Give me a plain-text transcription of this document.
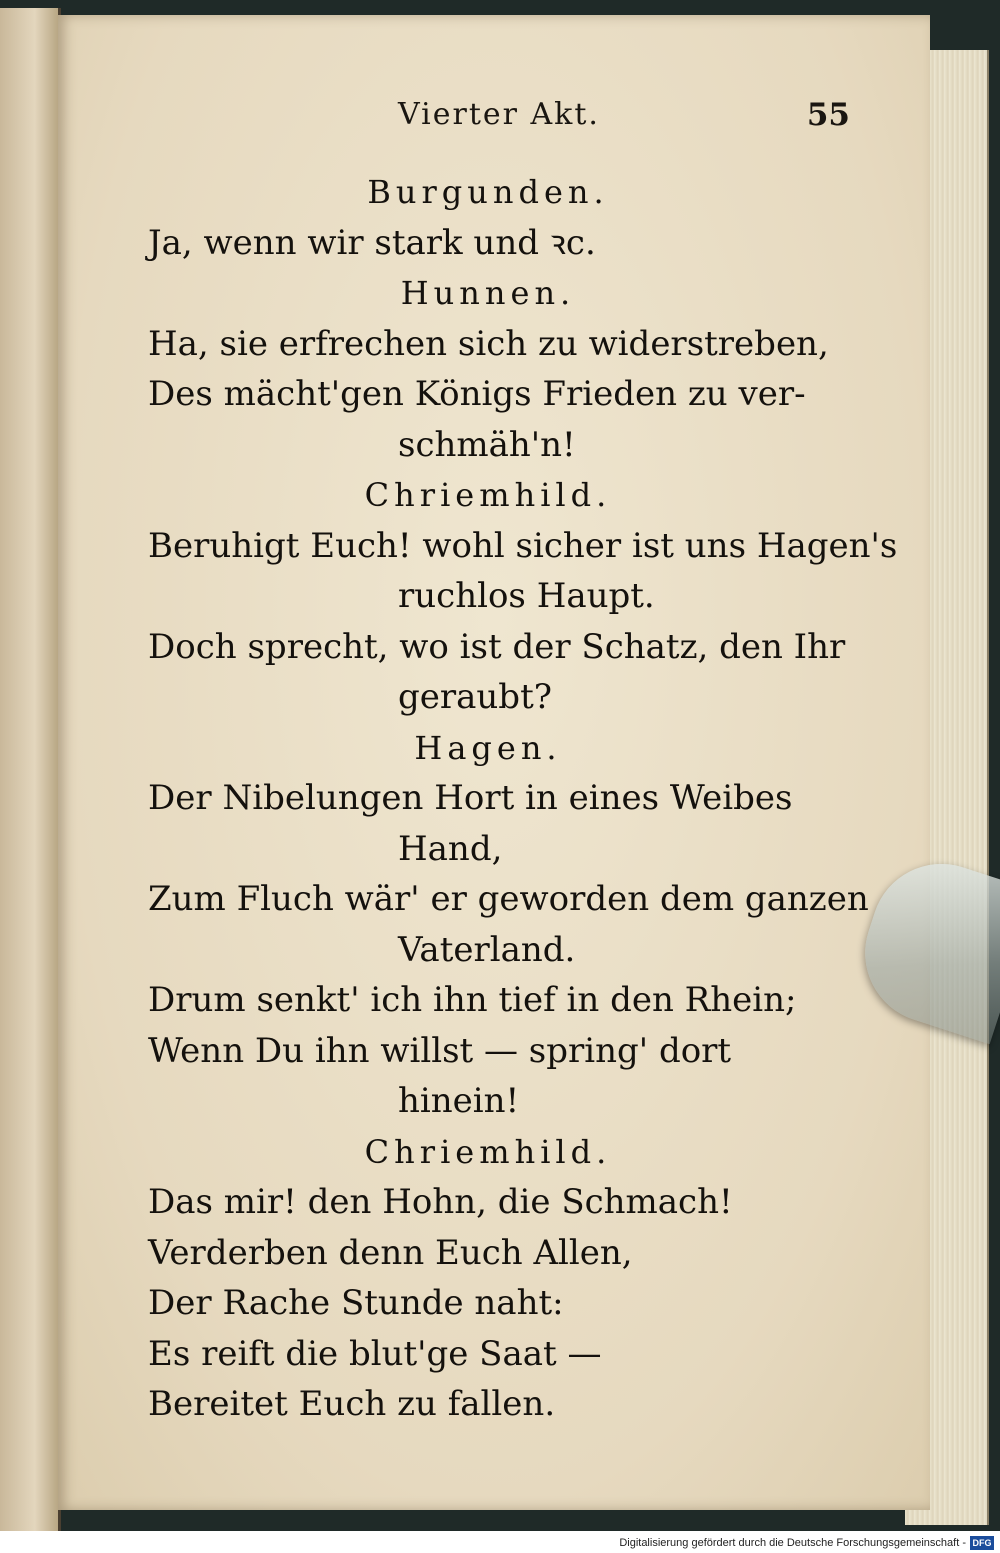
Vierter Akt.	55
Burgunden.
Ja, wenn wir stark und ꝛc.
Hunnen.
Ha, sie erfrechen sich zu widerstreben,
Des mächt'gen Königs Frieden zu ver-
schmäh'n!
Chriemhild.
Beruhigt Euch! wohl sicher ist uns Hagen's
ruchlos Haupt.
Doch sprecht, wo ist der Schatz, den Ihr
geraubt?
Hagen.
Der Nibelungen Hort in eines Weibes
Hand,
Zum Fluch wär' er geworden dem ganzen
Vaterland.
Drum senkt' ich ihn tief in den Rhein;
Wenn Du ihn willst — spring' dort
hinein!
Chriemhild.
Das mir! den Hohn, die Schmach!
Verderben denn Euch Allen,
Der Rache Stunde naht:
Es reift die blut'ge Saat —
Bereitet Euch zu fallen.
Digitalisierung gefördert durch die Deutsche Forschungsgemeinschaft - DFG
